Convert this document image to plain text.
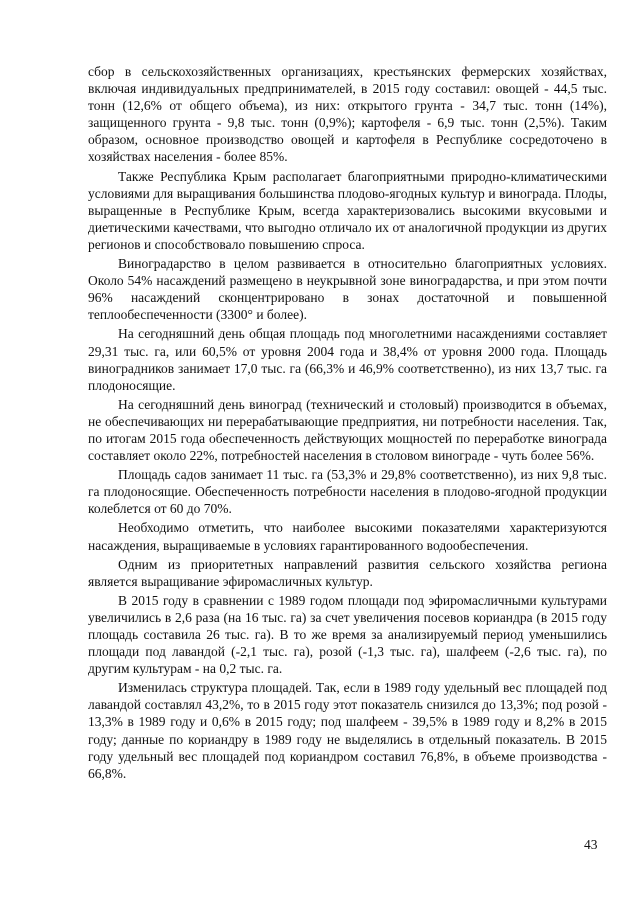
сбор в сельскохозяйственных организациях, крестьянских фермерских хозяйствах, включая индивидуальных предпринимателей, в 2015 году составил: овощей - 44,5 тыс. тонн (12,6% от общего объема), из них: открытого грунта - 34,7 тыс. тонн (14%), защищенного грунта - 9,8 тыс. тонн (0,9%); картофеля - 6,9 тыс. тонн (2,5%). Таким образом, основное производство овощей и картофеля в Республике сосредоточено в хозяйствах населения - более 85%.

Также Республика Крым располагает благоприятными природно-климатическими условиями для выращивания большинства плодово-ягодных культур и винограда. Плоды, выращенные в Республике Крым, всегда характеризовались высокими вкусовыми и диетическими качествами, что выгодно отличало их от аналогичной продукции из других регионов и способствовало повышению спроса.

Виноградарство в целом развивается в относительно благоприятных условиях. Около 54% насаждений размещено в неукрывной зоне виноградарства, и при этом почти 96% насаждений сконцентрировано в зонах достаточной и повышенной теплообеспеченности (3300° и более).

На сегодняшний день общая площадь под многолетними насаждениями составляет 29,31 тыс. га, или 60,5% от уровня 2004 года и 38,4% от уровня 2000 года. Площадь виноградников занимает 17,0 тыс. га (66,3% и 46,9% соответственно), из них 13,7 тыс. га плодоносящие.

На сегодняшний день виноград (технический и столовый) производится в объемах, не обеспечивающих ни перерабатывающие предприятия, ни потребности населения. Так, по итогам 2015 года обеспеченность действующих мощностей по переработке винограда составляет около 22%, потребностей населения в столовом винограде - чуть более 56%.

Площадь садов занимает 11 тыс. га (53,3% и 29,8% соответственно), из них 9,8 тыс. га плодоносящие. Обеспеченность потребности населения в плодово-ягодной продукции колеблется от 60 до 70%.

Необходимо отметить, что наиболее высокими показателями характеризуются насаждения, выращиваемые в условиях гарантированного водообеспечения.

Одним из приоритетных направлений развития сельского хозяйства региона является выращивание эфиромасличных культур.

В 2015 году в сравнении с 1989 годом площади под эфиромасличными культурами увеличились в 2,6 раза (на 16 тыс. га) за счет увеличения посевов кориандра (в 2015 году площадь составила 26 тыс. га). В то же время за анализируемый период уменьшились площади под лавандой (-2,1 тыс. га), розой (-1,3 тыс. га), шалфеем (-2,6 тыс. га), по другим культурам - на 0,2 тыс. га.

Изменилась структура площадей. Так, если в 1989 году удельный вес площадей под лавандой составлял 43,2%, то в 2015 году этот показатель снизился до 13,3%; под розой - 13,3% в 1989 году и 0,6% в 2015 году; под шалфеем - 39,5% в 1989 году и 8,2% в 2015 году; данные по кориандру в 1989 году не выделялись в отдельный показатель. В 2015 году удельный вес площадей под кориандром составил 76,8%, в объеме производства - 66,8%.

43
